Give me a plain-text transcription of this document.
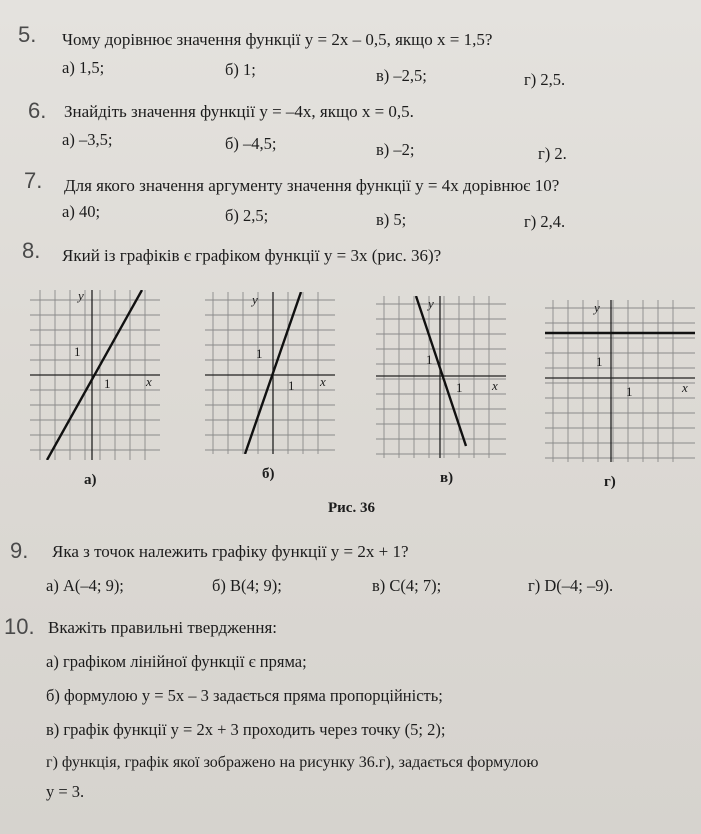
5. Чому дорівнює значення функції y = 2x – 0,5, якщо x = 1,5?
а) 1,5;	б) 1;	в) –2,5;	г) 2,5.
6. Знайдіть значення функції y = –4x, якщо x = 0,5.
а) –3,5;	б) –4,5;	в) –2;	г) 2.
7. Для якого значення аргументу значення функції y = 4x дорівнює 10?
а) 40;	б) 2,5;	в) 5;	г) 2,4.
8. Який із графіків є графіком функції y = 3x (рис. 36)?
y
x
1
1
а)
y
x
1
1
б)
y
x
1
1
в)
y
x
1
1
г)
Рис. 36
9. Яка з точок належить графіку функції y = 2x + 1?
а) A(–4; 9);	б) B(4; 9);	в) C(4; 7);	г) D(–4; –9).
10. Вкажіть правильні твердження:
а) графіком лінійної функції є пряма;
б) формулою y = 5x – 3 задається пряма пропорційність;
в) графік функції y = 2x + 3 проходить через точку (5; 2);
г) функція, графік якої зображено на рисунку 36.г), задається формулою
y = 3.
